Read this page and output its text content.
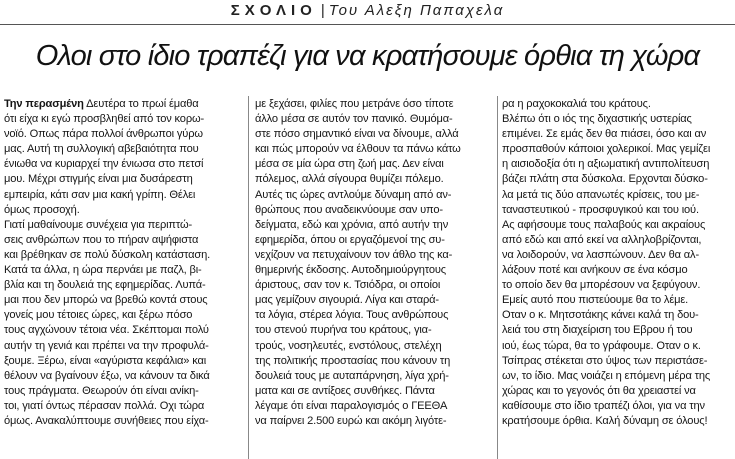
ΣΧΟΛΙΟ | Του Αλεξη Παπαχελα
Ολοι στο ίδιο τραπέζι για να κρατήσουμε όρθια τη χώρα
Την περασμένη Δευτέρα το πρωί έμαθα
ότι είχα κι εγώ προσβληθεί από τον κορω-
νοϊό. Οπως πάρα πολλοί άνθρωποι γύρω
μας. Αυτή τη συλλογική αβεβαιότητα που
ένιωθα να κυριαρχεί την ένιωσα στο πετσί
μου. Μέχρι στιγμής είναι μια δυσάρεστη
εμπειρία, κάτι σαν μια κακή γρίπη. Θέλει
όμως προσοχή.
Γιατί μαθαίνουμε συνέχεια για περιπτώ-
σεις ανθρώπων που το πήραν αψήφιστα
και βρέθηκαν σε πολύ δύσκολη κατάσταση.
Κατά τα άλλα, η ώρα περνάει με παζλ, βι-
βλία και τη δουλειά της εφημερίδας. Λυπά-
μαι που δεν μπορώ να βρεθώ κοντά στους
γονείς μου τέτοιες ώρες, και ξέρω πόσο
τους αγχώνουν τέτοια νέα. Σκέπτομαι πολύ
αυτήν τη γενιά και πρέπει να την προφυλά-
ξουμε. Ξέρω, είναι «αγύριστα κεφάλια» και
θέλουν να βγαίνουν έξω, να κάνουν τα δικά
τους πράγματα. Θεωρούν ότι είναι ανίκη-
τοι, γιατί όντως πέρασαν πολλά. Οχι τώρα
όμως. Ανακαλύπτουμε συνήθειες που είχα-
με ξεχάσει, φιλίες που μετράνε όσο τίποτε
άλλο μέσα σε αυτόν τον πανικό. Θυμόμα-
στε πόσο σημαντικό είναι να δίνουμε, αλλά
και πώς μπορούν να έλθουν τα πάνω κάτω
μέσα σε μία ώρα στη ζωή μας. Δεν είναι
πόλεμος, αλλά σίγουρα θυμίζει πόλεμο.
Αυτές τις ώρες αντλούμε δύναμη από αν-
θρώπους που αναδεικνύουμε σαν υπο-
δείγματα, εδώ και χρόνια, από αυτήν την
εφημερίδα, όπου οι εργαζόμενοί της συ-
νεχίζουν να πετυχαίνουν τον άθλο της κα-
θημερινής έκδοσης. Αυτοδημιούργητους
άριστους, σαν τον κ. Τσιόδρα, οι οποίοι
μας γεμίζουν σιγουριά. Λίγα και σταρά-
τα λόγια, στέρεα λόγια. Τους ανθρώπους
του στενού πυρήνα του κράτους, για-
τρούς, νοσηλευτές, ενστόλους, στελέχη
της πολιτικής προστασίας που κάνουν τη
δουλειά τους με αυταπάρνηση, λίγα χρή-
ματα και σε αντίξοες συνθήκες. Πάντα
λέγαμε ότι είναι παραλογισμός ο ΓΕΕΘΑ
να παίρνει 2.500 ευρώ και ακόμη λιγότε-
ρα η ραχοκοκαλιά του κράτους.
Βλέπω ότι ο ιός της διχαστικής υστερίας
επιμένει. Σε εμάς δεν θα πιάσει, όσο και αν
προσπαθούν κάποιοι χολερικοί. Μας γεμίζει
η αισιοδοξία ότι η αξιωματική αντιπολίτευση
βάζει πλάτη στα δύσκολα. Ερχονται δύσκο-
λα μετά τις δύο απανωτές κρίσεις, του με-
ταναστευτικού - προσφυγικού και του ιού.
Ας αφήσουμε τους παλαβούς και ακραίους
από εδώ και από εκεί να αλληλοβρίζονται,
να λοιδορούν, να λασπώνουν. Δεν θα αλ-
λάξουν ποτέ και ανήκουν σε ένα κόσμο
το οποίο δεν θα μπορέσουν να ξεφύγουν.
Εμείς αυτό που πιστεύουμε θα το λέμε.
Οταν ο κ. Μητσοτάκης κάνει καλά τη δου-
λειά του στη διαχείριση του Εβρου ή του
ιού, έως τώρα, θα το γράφουμε. Οταν ο κ.
Τσίπρας στέκεται στο ύψος των περιστάσε-
ων, το ίδιο. Μας νοιάζει η επόμενη μέρα της
χώρας και το γεγονός ότι θα χρειαστεί να
καθίσουμε στο ίδιο τραπέζι όλοι, για να την
κρατήσουμε όρθια. Καλή δύναμη σε όλους!
